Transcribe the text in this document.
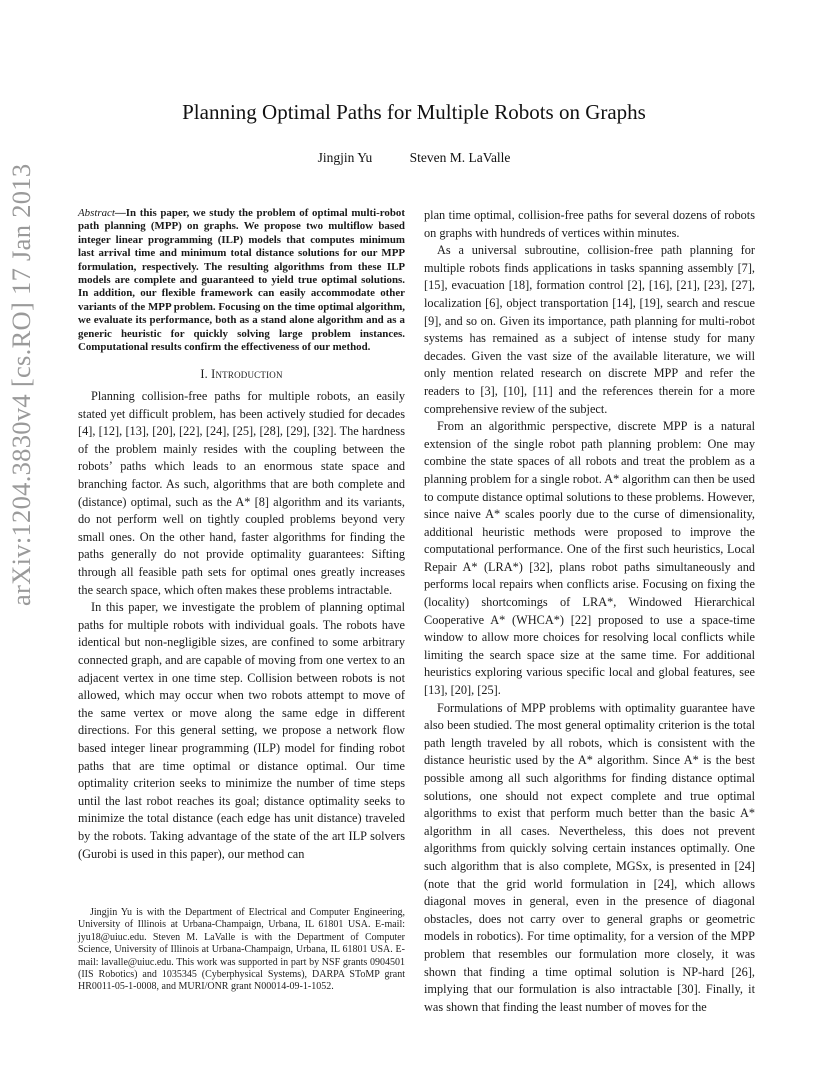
arXiv:1204.3830v4 [cs.RO] 17 Jan 2013
Planning Optimal Paths for Multiple Robots on Graphs
Jingjin Yu	Steven M. LaValle

Abstract—In this paper, we study the problem of optimal multi-robot path planning (MPP) on graphs. We propose two multiflow based integer linear programming (ILP) models that computes minimum last arrival time and minimum total distance solutions for our MPP formulation, respectively. The resulting algorithms from these ILP models are complete and guaranteed to yield true optimal solutions. In addition, our flexible framework can easily accommodate other variants of the MPP problem. Focusing on the time optimal algorithm, we evaluate its performance, both as a stand alone algorithm and as a generic heuristic for quickly solving large problem instances. Computational results confirm the effectiveness of our method.

I. Introduction

Planning collision-free paths for multiple robots, an easily stated yet difficult problem, has been actively studied for decades [4], [12], [13], [20], [22], [24], [25], [28], [29], [32]. The hardness of the problem mainly resides with the coupling between the robots’ paths which leads to an enormous state space and branching factor. As such, algorithms that are both complete and (distance) optimal, such as the A* [8] algorithm and its variants, do not perform well on tightly coupled problems beyond very small ones. On the other hand, faster algorithms for finding the paths generally do not provide optimality guarantees: Sifting through all feasible path sets for optimal ones greatly increases the search space, which often makes these problems intractable.

In this paper, we investigate the problem of planning optimal paths for multiple robots with individual goals. The robots have identical but non-negligible sizes, are confined to some arbitrary connected graph, and are capable of moving from one vertex to an adjacent vertex in one time step. Collision between robots is not allowed, which may occur when two robots attempt to move of the same vertex or move along the same edge in different directions. For this general setting, we propose a network flow based integer linear programming (ILP) model for finding robot paths that are time optimal or distance optimal. Our time optimality criterion seeks to minimize the number of time steps until the last robot reaches its goal; distance optimality seeks to minimize the total distance (each edge has unit distance) traveled by the robots. Taking advantage of the state of the art ILP solvers (Gurobi is used in this paper), our method can

plan time optimal, collision-free paths for several dozens of robots on graphs with hundreds of vertices within minutes.

As a universal subroutine, collision-free path planning for multiple robots finds applications in tasks spanning assembly [7], [15], evacuation [18], formation control [2], [16], [21], [23], [27], localization [6], object transportation [14], [19], search and rescue [9], and so on. Given its importance, path planning for multi-robot systems has remained as a subject of intense study for many decades. Given the vast size of the available literature, we will only mention related research on discrete MPP and refer the readers to [3], [10], [11] and the references therein for a more comprehensive review of the subject.

From an algorithmic perspective, discrete MPP is a natural extension of the single robot path planning problem: One may combine the state spaces of all robots and treat the problem as a planning problem for a single robot. A* algorithm can then be used to compute distance optimal solutions to these problems. However, since naive A* scales poorly due to the curse of dimensionality, additional heuristic methods were proposed to improve the computational performance. One of the first such heuristics, Local Repair A* (LRA*) [32], plans robot paths simultaneously and performs local repairs when conflicts arise. Focusing on fixing the (locality) shortcomings of LRA*, Windowed Hierarchical Cooperative A* (WHCA*) [22] proposed to use a space-time window to allow more choices for resolving local conflicts while limiting the search space size at the same time. For additional heuristics exploring various specific local and global features, see [13], [20], [25].

Formulations of MPP problems with optimality guarantee have also been studied. The most general optimality criterion is the total path length traveled by all robots, which is consistent with the distance heuristic used by the A* algorithm. Since A* is the best possible among all such algorithms for finding distance optimal solutions, one should not expect complete and true optimal algorithms to exist that perform much better than the basic A* algorithm in all cases. Nevertheless, this does not prevent algorithms from quickly solving certain instances optimally. One such algorithm that is also complete, MGSx, is presented in [24] (note that the grid world formulation in [24], which allows diagonal moves in general, even in the presence of diagonal obstacles, does not carry over to general graphs or geometric models in robotics). For time optimality, for a version of the MPP problem that resembles our formulation more closely, it was shown that finding a time optimal solution is NP-hard [26], implying that our formulation is also intractable [30]. Finally, it was shown that finding the least number of moves for the

Jingjin Yu is with the Department of Electrical and Computer Engineering, University of Illinois at Urbana-Champaign, Urbana, IL 61801 USA. E-mail: jyu18@uiuc.edu. Steven M. LaValle is with the Department of Computer Science, University of Illinois at Urbana-Champaign, Urbana, IL 61801 USA. E-mail: lavalle@uiuc.edu. This work was supported in part by NSF grants 0904501 (IIS Robotics) and 1035345 (Cyberphysical Systems), DARPA SToMP grant HR0011-05-1-0008, and MURI/ONR grant N00014-09-1-1052.
